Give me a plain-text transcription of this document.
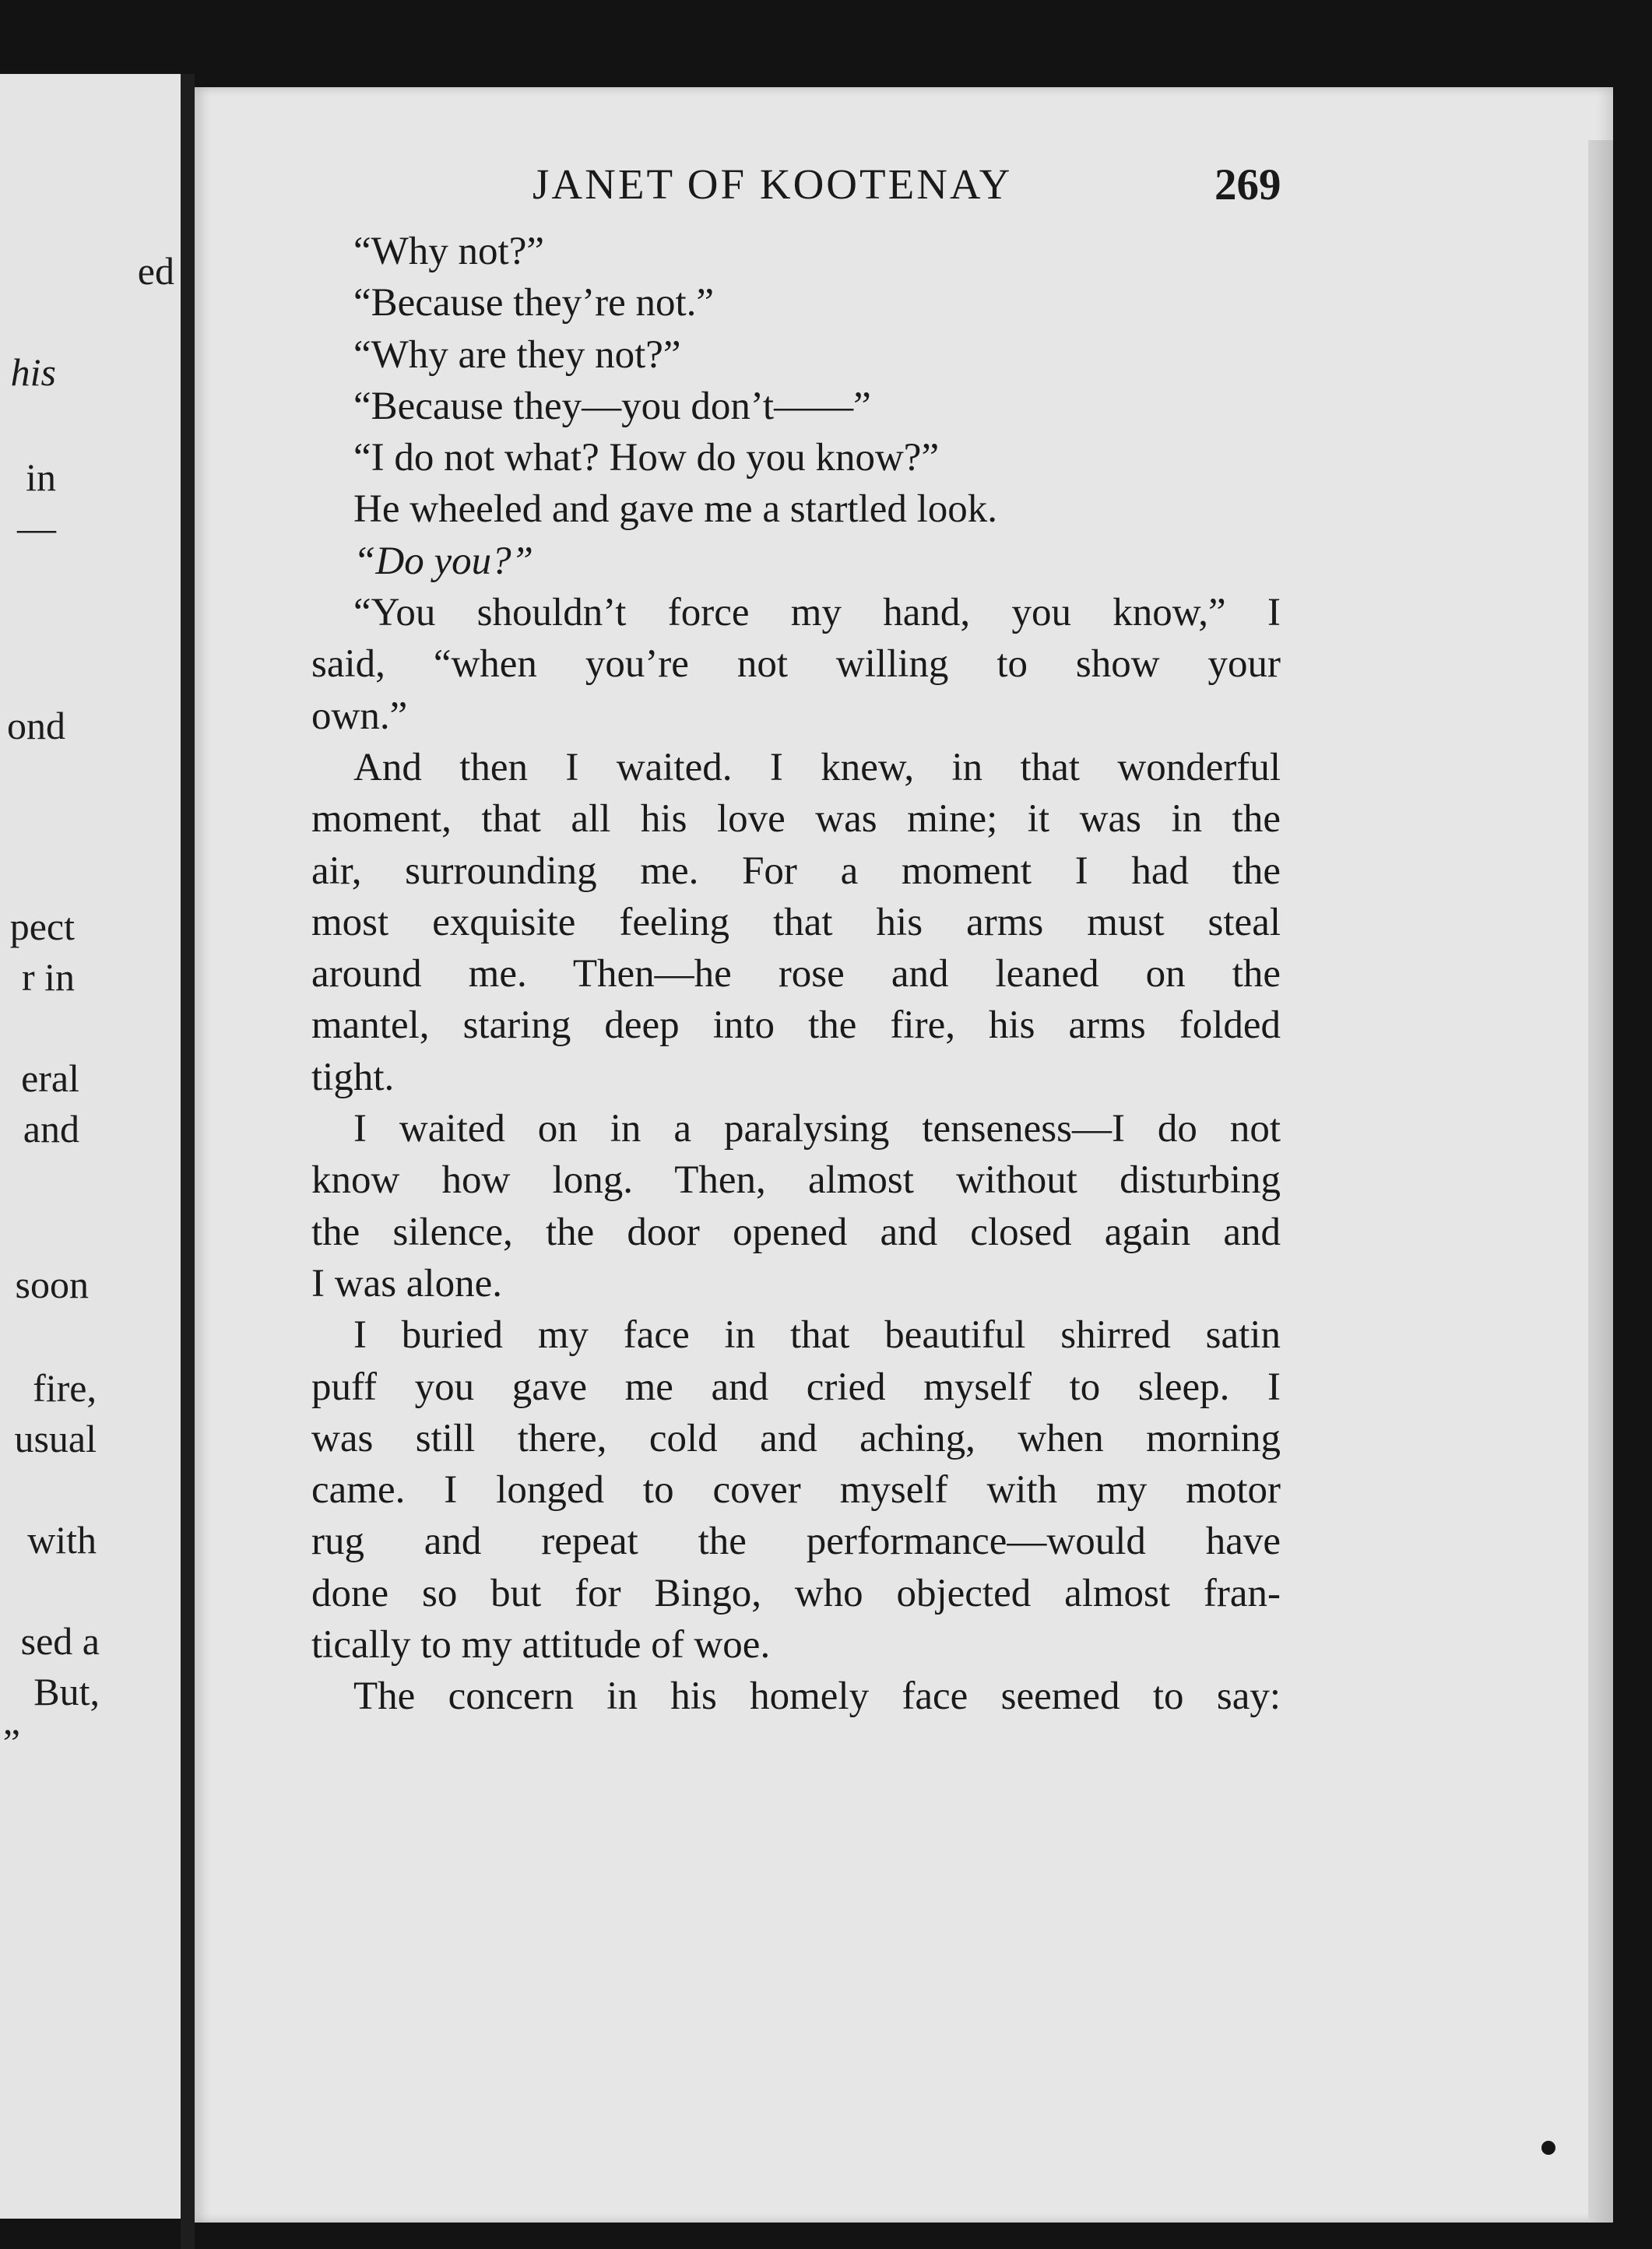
ed
his
in
—
ond
pect
r in
eral
and
soon
fire,
usual
with
sed a
But,
”
JANET OF KOOTENAY	269
“Why not?”
“Because they’re not.”
“Why are they not?”
“Because they—you don’t——”
“I do not what? How do you know?”
He wheeled and gave me a startled look.
“Do you?”
“You shouldn’t force my hand, you know,” I
said, “when you’re not willing to show your
own.”
And then I waited. I knew, in that wonderful
moment, that all his love was mine; it was in the
air, surrounding me. For a moment I had the
most exquisite feeling that his arms must steal
around me. Then—he rose and leaned on the
mantel, staring deep into the fire, his arms folded
tight.
I waited on in a paralysing tenseness—I do not
know how long. Then, almost without disturbing
the silence, the door opened and closed again and
I was alone.
I buried my face in that beautiful shirred satin
puff you gave me and cried myself to sleep. I
was still there, cold and aching, when morning
came. I longed to cover myself with my motor
rug and repeat the performance—would have
done so but for Bingo, who objected almost fran-
tically to my attitude of woe.
The concern in his homely face seemed to say:
